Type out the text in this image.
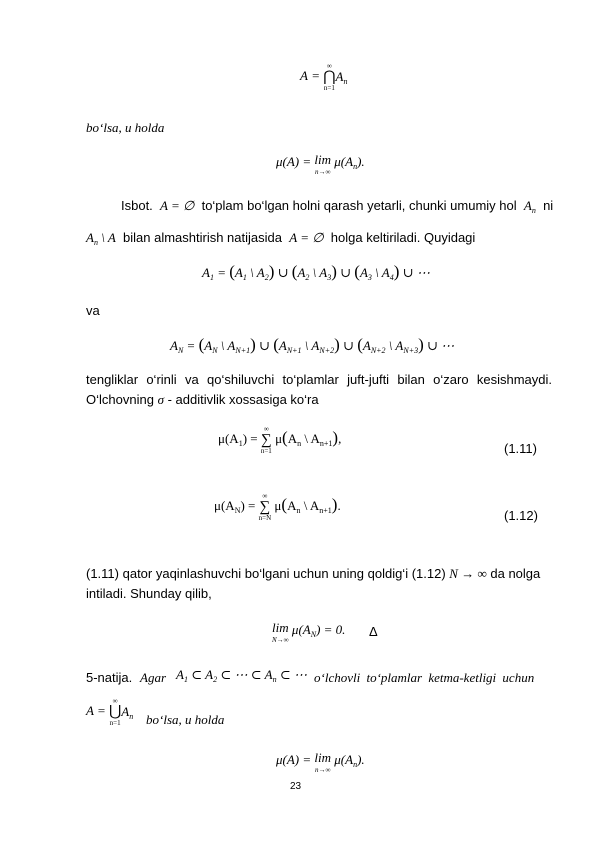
A =
∞
⋂
n=1
$A_n$
bo‘lsa, u holda
μ(A) = lim
n→∞
$\mu(A_n)$.
Isbot. A = ∅ to‘plam bo‘lgan holni qarash yetarli, chunki umumiy hol $A_n$ ni
$A_n$ \ A bilan almashtirish natijasida A = ∅ holga keltiriladi. Quyidagi
$A_1 = (A_1$ \ $A_2$) ∪ ($A_2$ \ $A_3$) ∪ ($A_3$ \ $A_4$) ∪ ⋯
va
$A_N = (A_N$ \ $A_{N+1}$) ∪ ($A_{N+1}$ \ $A_{N+2}$) ∪ ($A_{N+2}$ \ $A_{N+3}$) ∪ ⋯
tengliklar o‘rinli va qo‘shiluvchi to‘plamlar juft-jufti bilan o‘zaro kesishmaydi.
O‘lchovning σ - additivlik xossasiga ko‘ra
$\mu(A_1)$ =
∞
∑
n=1
$\mu(A_n$ \ $A_{n+1}$),
(1.11)
$\mu(A_N)$ =
∞
∑
n=N
$\mu(A_n$ \ $A_{n+1}$).
(1.12)
(1.11) qator yaqinlashuvchi bo‘lgani uchun uning qoldig‘i (1.12) N → ∞ da nolga
intiladi. Shunday qilib,
lim
N→∞
$\mu(A_N) = 0$. Δ
5-natija. Agar $A_1$ ⊂ $A_2$ ⊂ ⋯ ⊂ $A_n$ ⊂ ⋯ o‘lchovli to‘plamlar ketma-ketligi uchun
A =
∞
⋃
n=1
$A_n$ bo‘lsa, u holda
μ(A) = lim
n→∞
$\mu(A_n)$.
23
